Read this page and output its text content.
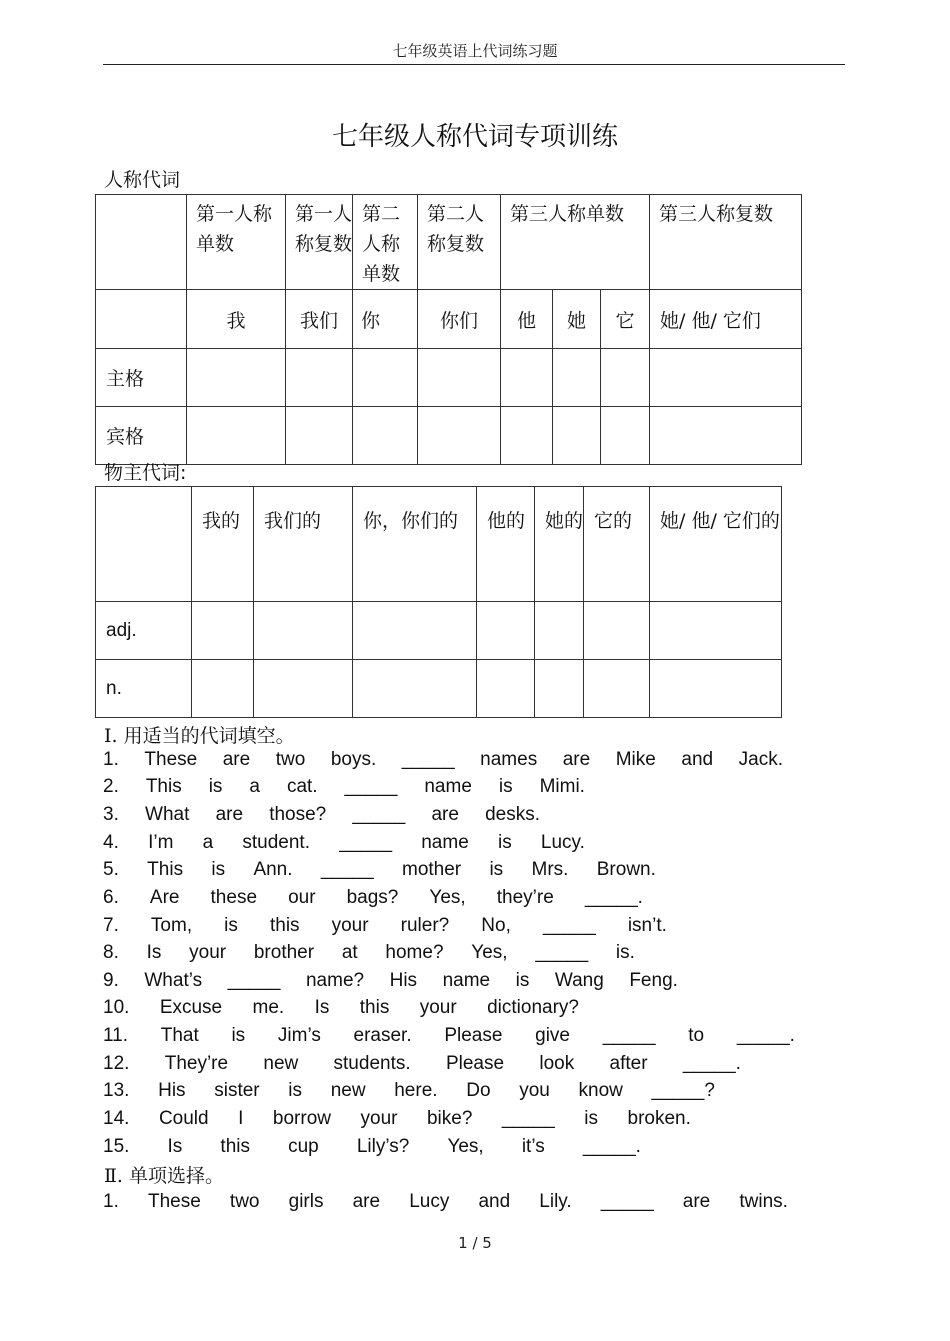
七年级英语上代词练习题
七年级人称代词专项训练
人称代词
	第一人称单数	第一人称复数	第二人称单数	第二人称复数	第三人称单数			第三人称复数
	我	我们	你	你们	他	她	它	她/ 他/ 它们
主格								
宾格								
物主代词:
	我的	我们的	你，你们的	他的	她的	它的	她/ 他/ 它们的
adj.							
n.							
Ⅰ. 用适当的代词填空。
1. These are two boys. _____ names are Mike and Jack.
2. This is a cat. _____ name is Mimi.
3. What are those? _____ are desks.
4. I’m a student. _____ name is Lucy.
5. This is Ann. _____ mother is Mrs. Brown.
6. Are these our bags? Yes, they’re _____.
7. Tom, is this your ruler? No, _____ isn’t.
8. Is your brother at home? Yes, _____ is.
9. What’s _____ name? His name is Wang Feng.
10. Excuse me. Is this your dictionary?
11. That is Jim’s eraser. Please give _____ to _____.
12. They’re new students. Please look after _____.
13. His sister is new here. Do you know _____?
14. Could I borrow your bike? _____ is broken.
15. Is this cup Lily’s? Yes, it’s _____.
Ⅱ. 单项选择。
1. These two girls are Lucy and Lily. _____ are twins.
1 / 5
